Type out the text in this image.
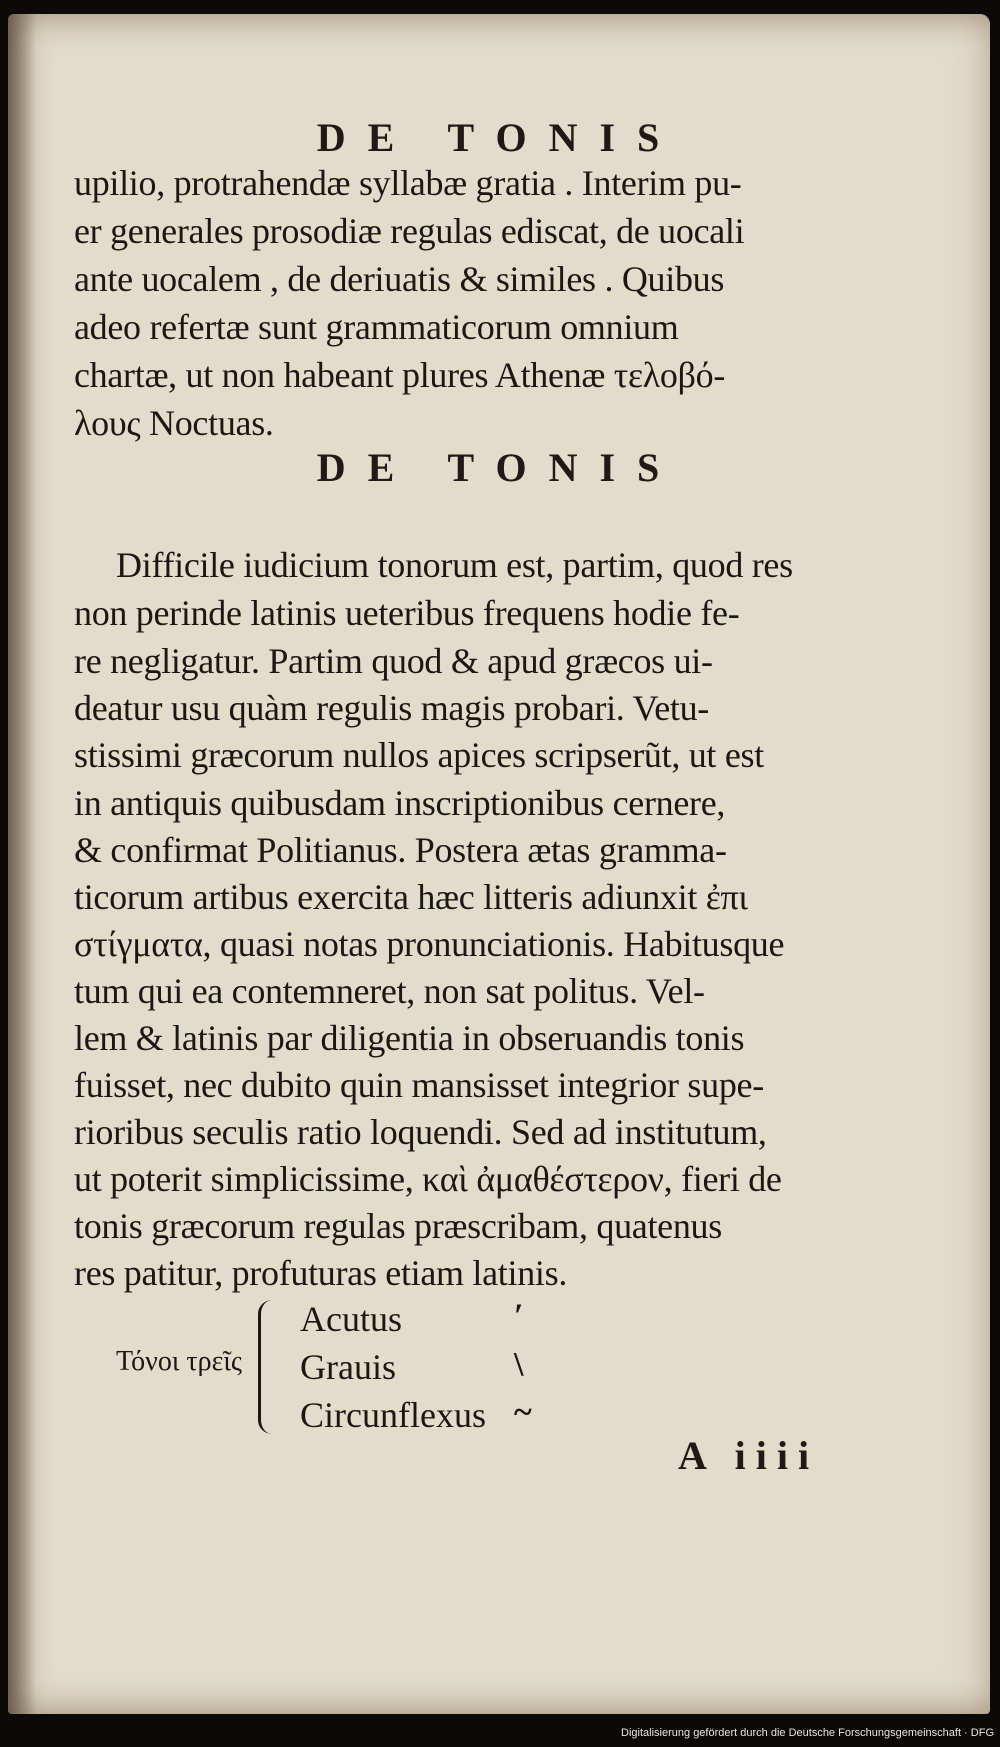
DE TONIS
upilio, protrahendæ syllabæ gratia . Interim pu-
er generales prosodiæ regulas ediscat, de uocali
ante uocalem , de deriuatis & similes . Quibus
adeo refertæ sunt grammaticorum omnium
chartæ, ut non habeant plures Athenæ τελοβό-
λους Noctuas.
DE TONIS
Difficile iudicium tonorum est, partim, quod res
non perinde latinis ueteribus frequens hodie fe-
re negligatur. Partim quod & apud græcos ui-
deatur usu quàm regulis magis probari. Vetu-
stissimi græcorum nullos apices scripserũt, ut est
in antiquis quibusdam inscriptionibus cernere,
& confirmat Politianus. Postera ætas gramma-
ticorum artibus exercita hæc litteris adiunxit ἐπι
στίγματα, quasi notas pronunciationis. Habitusque
tum qui ea contemneret, non sat politus. Vel-
lem & latinis par diligentia in obseruandis tonis
fuisset, nec dubito quin mansisset integrior supe-
rioribus seculis ratio loquendi. Sed ad institutum,
ut poterit simplicissime, καὶ ἀμαθέστερον, fieri de
tonis græcorum regulas præscribam, quatenus
res patitur, profuturas etiam latinis.
Τόνοι τρεῖς
Acutus
Grauis
Circunflexus
ʹ
\
~
A iiii
Digitalisierung gefördert durch die Deutsche Forschungsgemeinschaft · DFG
